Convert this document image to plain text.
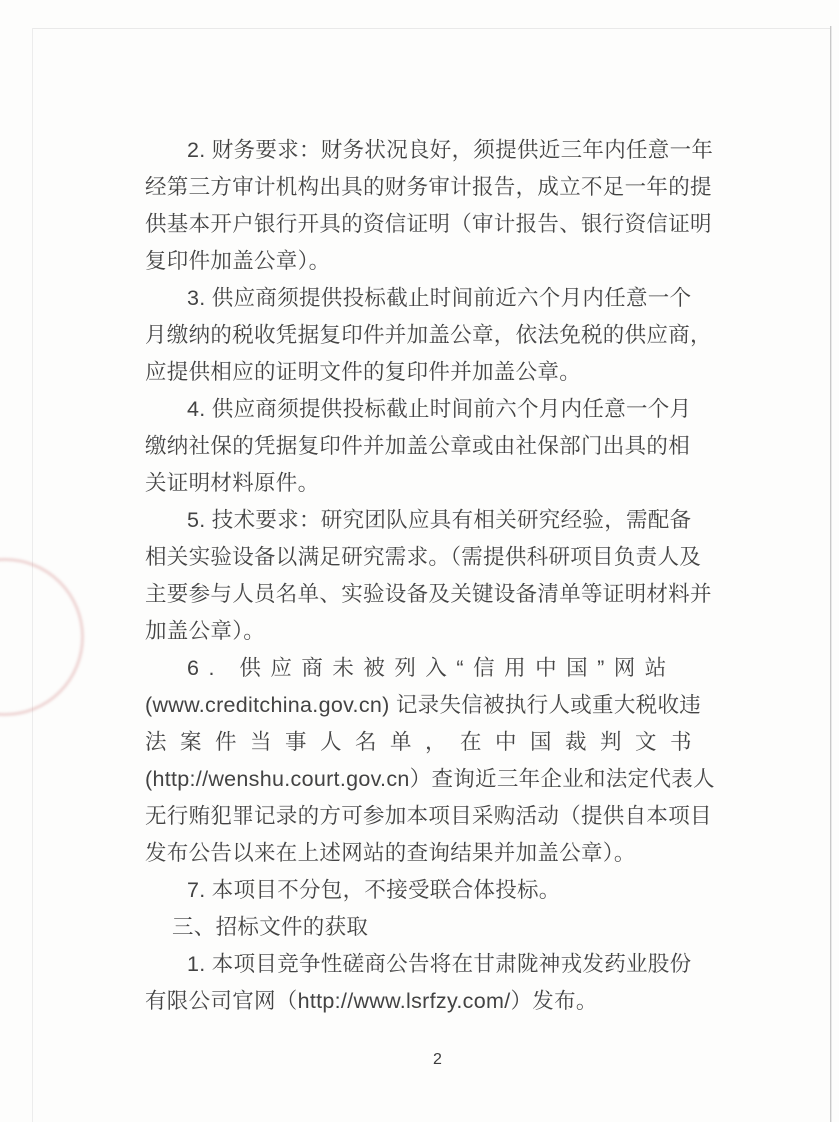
2. 财务要求：财务状况良好，须提供近三年内任意一年
经第三方审计机构出具的财务审计报告，成立不足一年的提
供基本开户银行开具的资信证明（审计报告、银行资信证明
复印件加盖公章）。
3. 供应商须提供投标截止时间前近六个月内任意一个
月缴纳的税收凭据复印件并加盖公章，依法免税的供应商，
应提供相应的证明文件的复印件并加盖公章。
4. 供应商须提供投标截止时间前六个月内任意一个月
缴纳社保的凭据复印件并加盖公章或由社保部门出具的相
关证明材料原件。
5. 技术要求：研究团队应具有相关研究经验，需配备
相关实验设备以满足研究需求。（需提供科研项目负责人及
主要参与人员名单、实验设备及关键设备清单等证明材料并
加盖公章）。
6. 供应商未被列入“信用中国”网站
(www.creditchina.gov.cn) 记录失信被执行人或重大税收违
法案件当事人名单，在中国裁判文书
(http://wenshu.court.gov.cn）查询近三年企业和法定代表人
无行贿犯罪记录的方可参加本项目采购活动（提供自本项目
发布公告以来在上述网站的查询结果并加盖公章）。
7. 本项目不分包，不接受联合体投标。
三、招标文件的获取
1. 本项目竞争性磋商公告将在甘肃陇神戎发药业股份
有限公司官网（http://www.lsrfzy.com/）发布。
2
